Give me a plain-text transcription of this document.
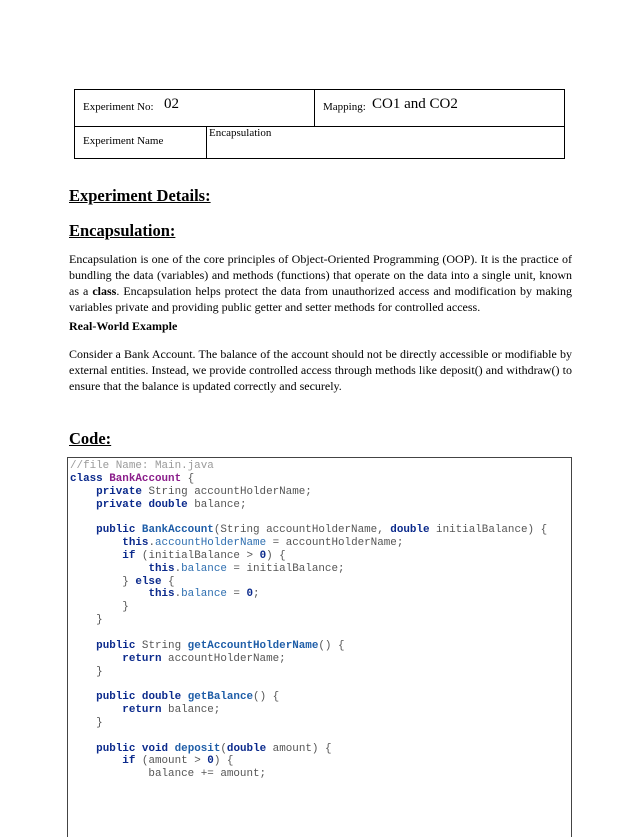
Experiment No: 02	Mapping: CO1 and CO2
Experiment Name
Encapsulation
Experiment Details:
Encapsulation:

Encapsulation is one of the core principles of Object-Oriented Programming (OOP). It is the practice of bundling the data (variables) and methods (functions) that operate on the data into a single unit, known as a class. Encapsulation helps protect the data from unauthorized access and modification by making variables private and providing public getter and setter methods for controlled access.

Real-World Example

Consider a Bank Account. The balance of the account should not be directly accessible or modifiable by external entities. Instead, we provide controlled access through methods like deposit() and withdraw() to ensure that the balance is updated correctly and securely.

Code:
//file Name: Main.java
class BankAccount {
private String accountHolderName;
private double balance;

public BankAccount(String accountHolderName, double initialBalance) {
this.accountHolderName = accountHolderName;
if (initialBalance > 0) {
this.balance = initialBalance;
} else {
this.balance = 0;
}
}

public String getAccountHolderName() {
return accountHolderName;
}

public double getBalance() {
return balance;
}

public void deposit(double amount) {
if (amount > 0) {
balance += amount;
